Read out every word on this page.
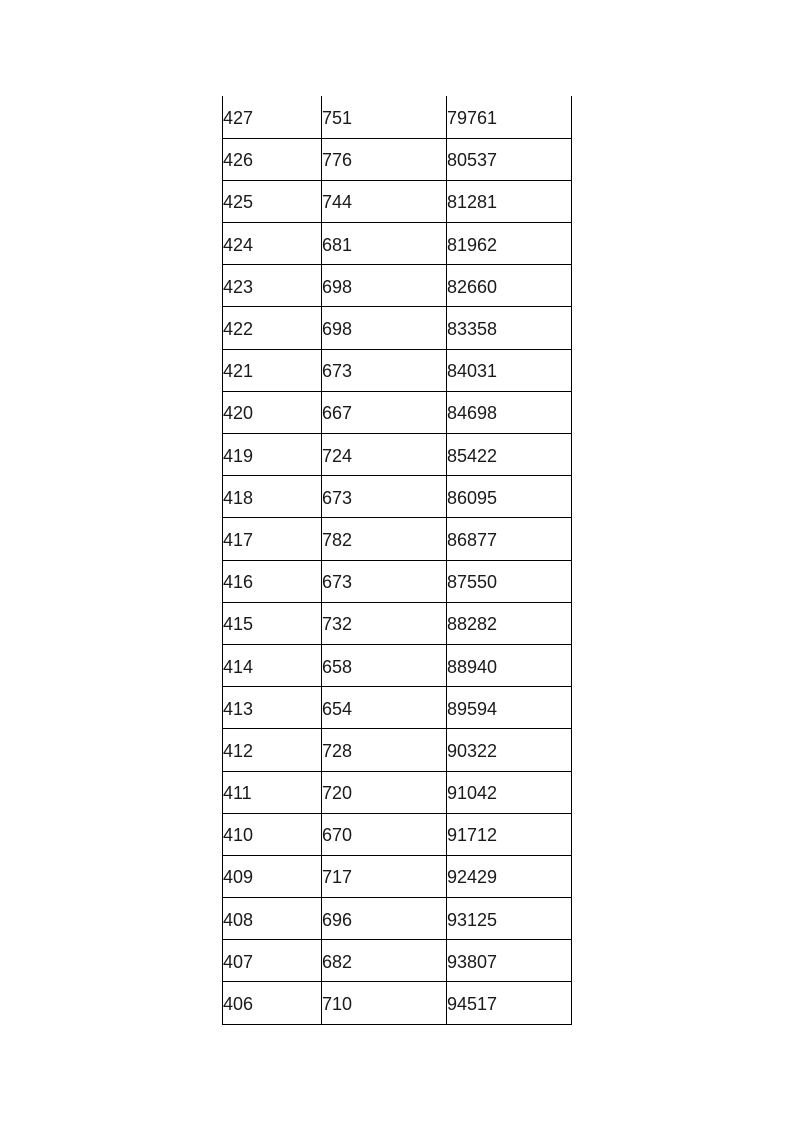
427	751	79761
426	776	80537
425	744	81281
424	681	81962
423	698	82660
422	698	83358
421	673	84031
420	667	84698
419	724	85422
418	673	86095
417	782	86877
416	673	87550
415	732	88282
414	658	88940
413	654	89594
412	728	90322
411	720	91042
410	670	91712
409	717	92429
408	696	93125
407	682	93807
406	710	94517
